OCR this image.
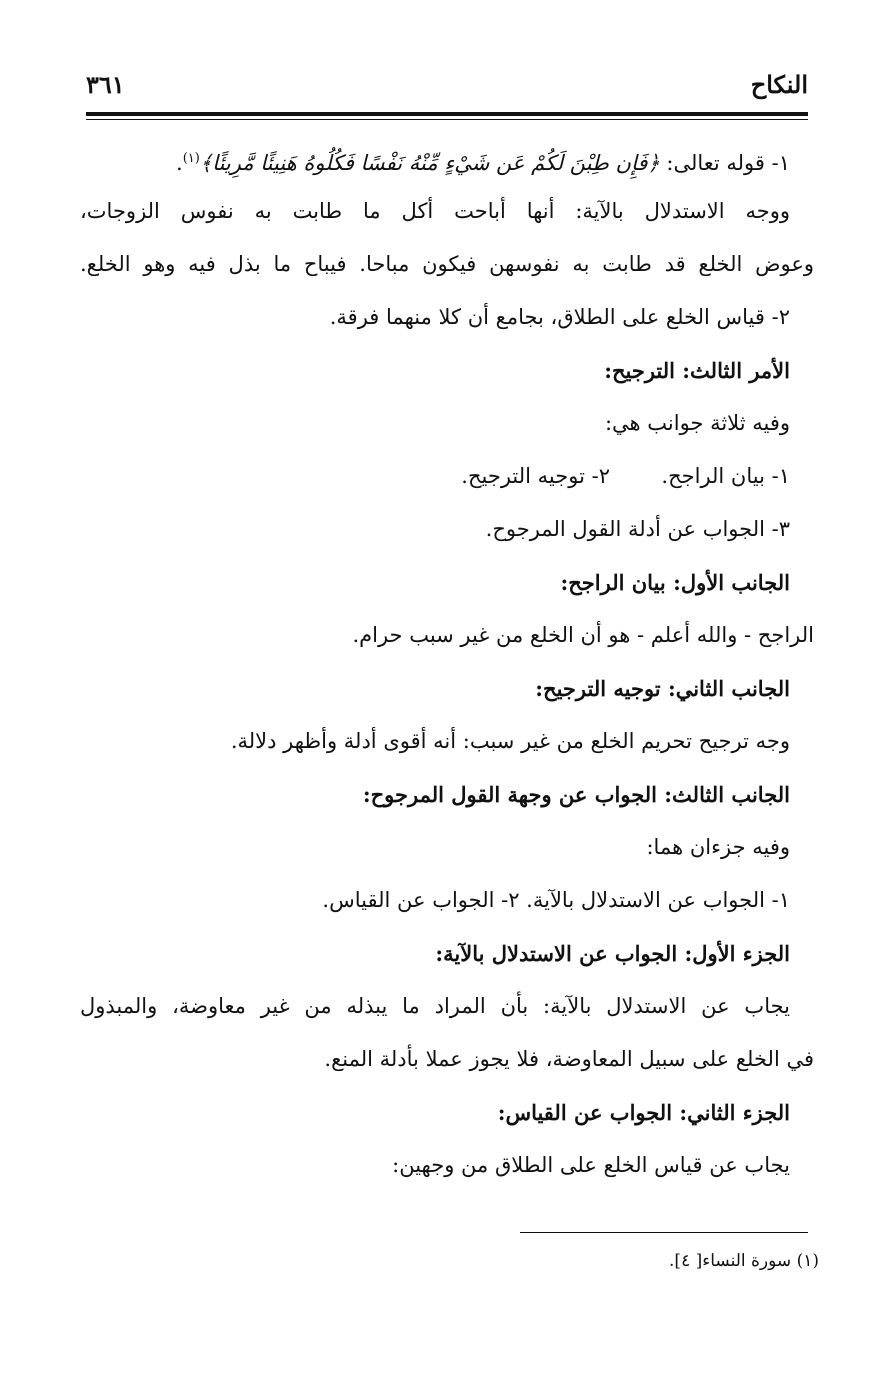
النكاح
٣٦١
١- قوله تعالى: ﴿فَإِن طِبْنَ لَكُمْ عَن شَيْءٍ مِّنْهُ نَفْسًا فَكُلُوهُ هَنِيئًا مَّرِيئًا﴾$^{(١)}$.
ووجه الاستدلال بالآية: أنها أباحت أكل ما طابت به نفوس الزوجات،
وعوض الخلع قد طابت به نفوسهن فيكون مباحا. فيباح ما بذل فيه وهو الخلع.
٢- قياس الخلع على الطلاق، بجامع أن كلا منهما فرقة.
الأمر الثالث: الترجيح:
وفيه ثلاثة جوانب هي:
١- بيان الراجح.
٢- توجيه الترجيح.
٣- الجواب عن أدلة القول المرجوح.
الجانب الأول: بيان الراجح:
الراجح - والله أعلم - هو أن الخلع من غير سبب حرام.
الجانب الثاني: توجيه الترجيح:
وجه ترجيح تحريم الخلع من غير سبب: أنه أقوى أدلة وأظهر دلالة.
الجانب الثالث: الجواب عن وجهة القول المرجوح:
وفيه جزءان هما:
١- الجواب عن الاستدلال بالآية. ٢- الجواب عن القياس.
الجزء الأول: الجواب عن الاستدلال بالآية:
يجاب عن الاستدلال بالآية: بأن المراد ما يبذله من غير معاوضة، والمبذول
في الخلع على سبيل المعاوضة، فلا يجوز عملا بأدلة المنع.
الجزء الثاني: الجواب عن القياس:
يجاب عن قياس الخلع على الطلاق من وجهين:
(١) سورة النساء[ ٤].
